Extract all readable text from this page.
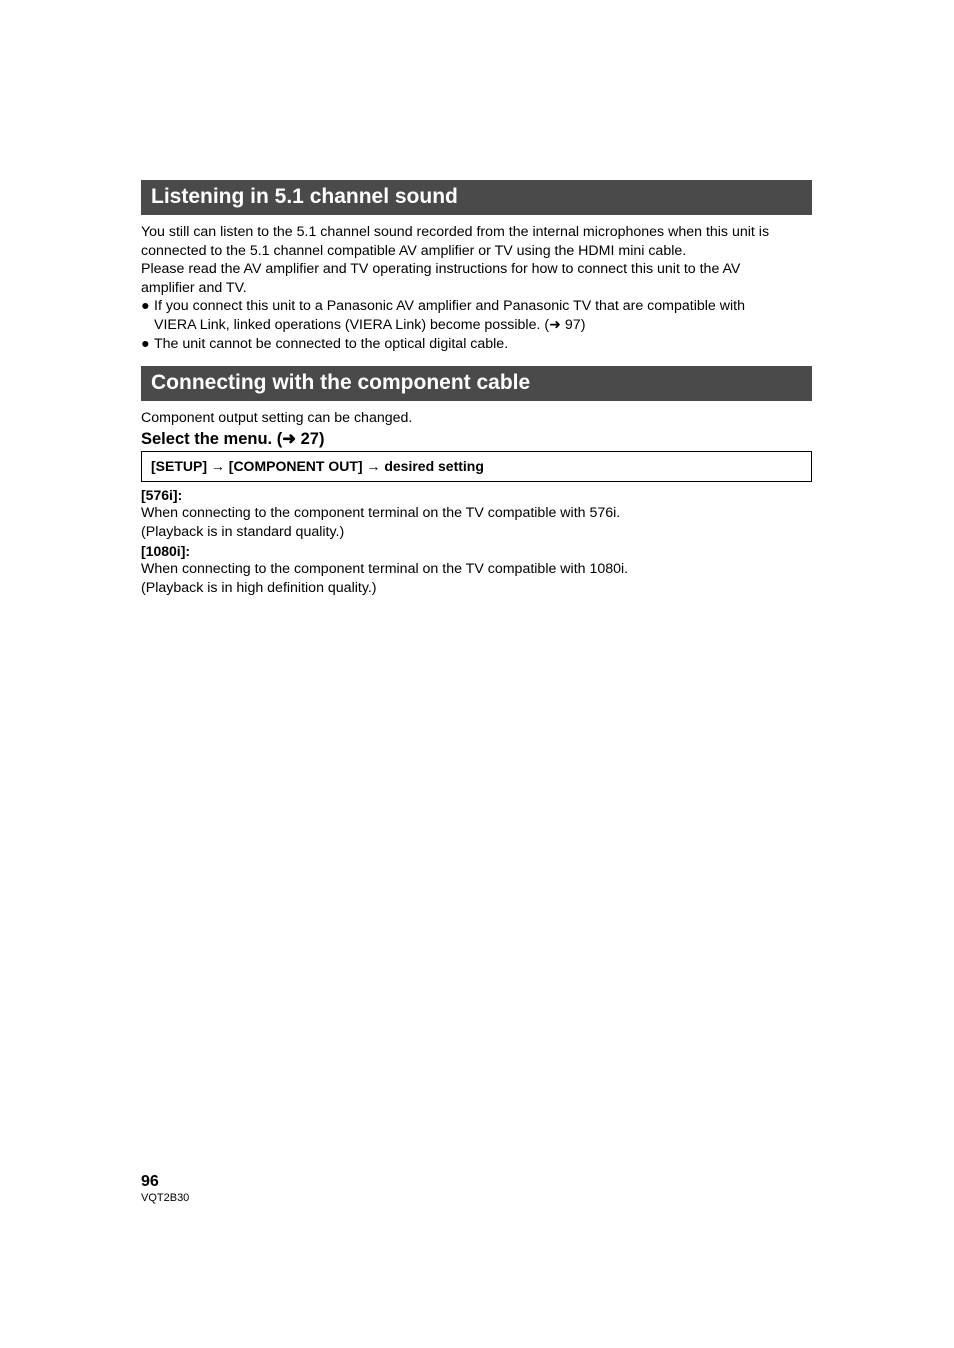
Listening in 5.1 channel sound
You still can listen to the 5.1 channel sound recorded from the internal microphones when this unit is
connected to the 5.1 channel compatible AV amplifier or TV using the HDMI mini cable.
Please read the AV amplifier and TV operating instructions for how to connect this unit to the AV
amplifier and TV.
● If you connect this unit to a Panasonic AV amplifier and Panasonic TV that are compatible with
VIERA Link, linked operations (VIERA Link) become possible. (➜ 97)
● The unit cannot be connected to the optical digital cable.
Connecting with the component cable
Component output setting can be changed.
Select the menu. (➜ 27)
[SETUP] → [COMPONENT OUT] → desired setting
[576i]:
When connecting to the component terminal on the TV compatible with 576i.
(Playback is in standard quality.)
[1080i]:
When connecting to the component terminal on the TV compatible with 1080i.
(Playback is in high definition quality.)
96
VQT2B30
